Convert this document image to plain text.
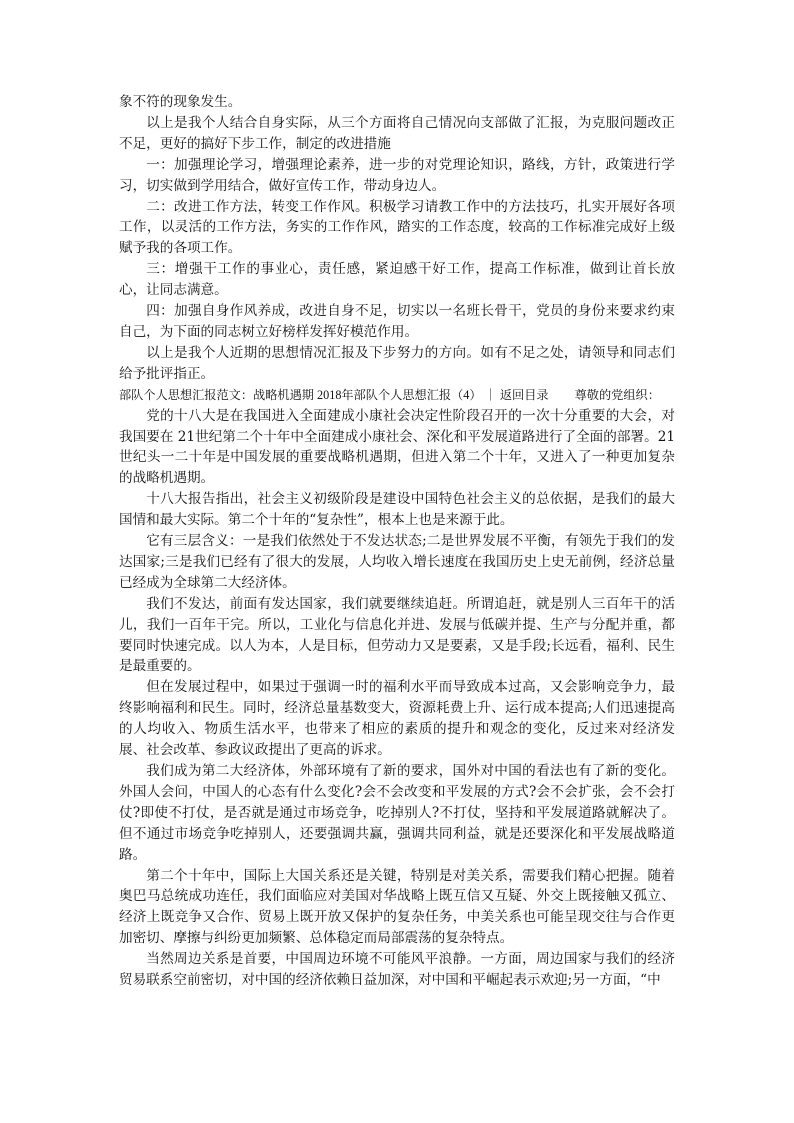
象不符的现象发生。

以上是我个人结合自身实际，从三个方面将自己情况向支部做了汇报，为克服问题改正不足，更好的搞好下步工作，制定的改进措施

一：加强理论学习，增强理论素养，进一步的对党理论知识，路线，方针，政策进行学习，切实做到学用结合，做好宣传工作，带动身边人。

二：改进工作方法，转变工作作风。积极学习请教工作中的方法技巧，扎实开展好各项工作，以灵活的工作方法，务实的工作作风，踏实的工作态度，较高的工作标准完成好上级赋予我的各项工作。

三：增强干工作的事业心，责任感，紧迫感干好工作，提高工作标准，做到让首长放心，让同志满意。

四：加强自身作风养成，改进自身不足，切实以一名班长骨干，党员的身份来要求约束自己，为下面的同志树立好榜样发挥好模范作用。

以上是我个人近期的思想情况汇报及下步努力的方向。如有不足之处，请领导和同志们给予批评指正。

部队个人思想汇报范文：战略机遇期 2018年部队个人思想汇报（4） ｜ 返回目录 尊敬的党组织：

党的十八大是在我国进入全面建成小康社会决定性阶段召开的一次十分重要的大会，对我国要在 21世纪第二个十年中全面建成小康社会、深化和平发展道路进行了全面的部署。21世纪头一二十年是中国发展的重要战略机遇期，但进入第二个十年，又进入了一种更加复杂的战略机遇期。

十八大报告指出，社会主义初级阶段是建设中国特色社会主义的总依据，是我们的最大国情和最大实际。第二个十年的“复杂性”，根本上也是来源于此。

它有三层含义：一是我们依然处于不发达状态;二是世界发展不平衡，有领先于我们的发达国家;三是我们已经有了很大的发展，人均收入增长速度在我国历史上史无前例，经济总量已经成为全球第二大经济体。

我们不发达，前面有发达国家，我们就要继续追赶。所谓追赶，就是别人三百年干的活儿，我们一百年干完。所以，工业化与信息化并进、发展与低碳并提、生产与分配并重，都要同时快速完成。以人为本，人是目标，但劳动力又是要素，又是手段;长远看，福利、民生是最重要的。

但在发展过程中，如果过于强调一时的福利水平而导致成本过高，又会影响竞争力，最终影响福利和民生。同时，经济总量基数变大，资源耗费上升、运行成本提高;人们迅速提高的人均收入、物质生活水平，也带来了相应的素质的提升和观念的变化，反过来对经济发展、社会改革、参政议政提出了更高的诉求。

我们成为第二大经济体，外部环境有了新的要求，国外对中国的看法也有了新的变化。外国人会问，中国人的心态有什么变化?会不会改变和平发展的方式?会不会扩张，会不会打仗?即使不打仗，是否就是通过市场竞争，吃掉别人?不打仗，坚持和平发展道路就解决了。但不通过市场竞争吃掉别人，还要强调共赢，强调共同利益，就是还要深化和平发展战略道路。

第二个十年中，国际上大国关系还是关键，特别是对美关系，需要我们精心把握。随着奥巴马总统成功连任，我们面临应对美国对华战略上既互信又互疑、外交上既接触又孤立、经济上既竞争又合作、贸易上既开放又保护的复杂任务，中美关系也可能呈现交往与合作更加密切、摩擦与纠纷更加频繁、总体稳定而局部震荡的复杂特点。

当然周边关系是首要，中国周边环境不可能风平浪静。一方面，周边国家与我们的经济贸易联系空前密切，对中国的经济依赖日益加深，对中国和平崛起表示欢迎;另一方面，“中
